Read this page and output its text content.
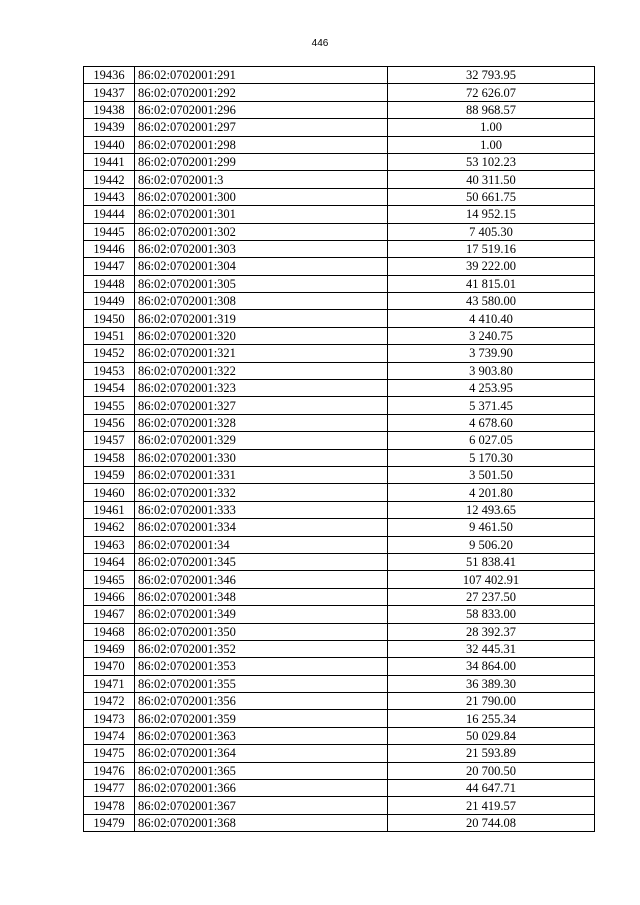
446
19436	86:02:0702001:291	32 793.95
19437	86:02:0702001:292	72 626.07
19438	86:02:0702001:296	88 968.57
19439	86:02:0702001:297	1.00
19440	86:02:0702001:298	1.00
19441	86:02:0702001:299	53 102.23
19442	86:02:0702001:3	40 311.50
19443	86:02:0702001:300	50 661.75
19444	86:02:0702001:301	14 952.15
19445	86:02:0702001:302	7 405.30
19446	86:02:0702001:303	17 519.16
19447	86:02:0702001:304	39 222.00
19448	86:02:0702001:305	41 815.01
19449	86:02:0702001:308	43 580.00
19450	86:02:0702001:319	4 410.40
19451	86:02:0702001:320	3 240.75
19452	86:02:0702001:321	3 739.90
19453	86:02:0702001:322	3 903.80
19454	86:02:0702001:323	4 253.95
19455	86:02:0702001:327	5 371.45
19456	86:02:0702001:328	4 678.60
19457	86:02:0702001:329	6 027.05
19458	86:02:0702001:330	5 170.30
19459	86:02:0702001:331	3 501.50
19460	86:02:0702001:332	4 201.80
19461	86:02:0702001:333	12 493.65
19462	86:02:0702001:334	9 461.50
19463	86:02:0702001:34	9 506.20
19464	86:02:0702001:345	51 838.41
19465	86:02:0702001:346	107 402.91
19466	86:02:0702001:348	27 237.50
19467	86:02:0702001:349	58 833.00
19468	86:02:0702001:350	28 392.37
19469	86:02:0702001:352	32 445.31
19470	86:02:0702001:353	34 864.00
19471	86:02:0702001:355	36 389.30
19472	86:02:0702001:356	21 790.00
19473	86:02:0702001:359	16 255.34
19474	86:02:0702001:363	50 029.84
19475	86:02:0702001:364	21 593.89
19476	86:02:0702001:365	20 700.50
19477	86:02:0702001:366	44 647.71
19478	86:02:0702001:367	21 419.57
19479	86:02:0702001:368	20 744.08
